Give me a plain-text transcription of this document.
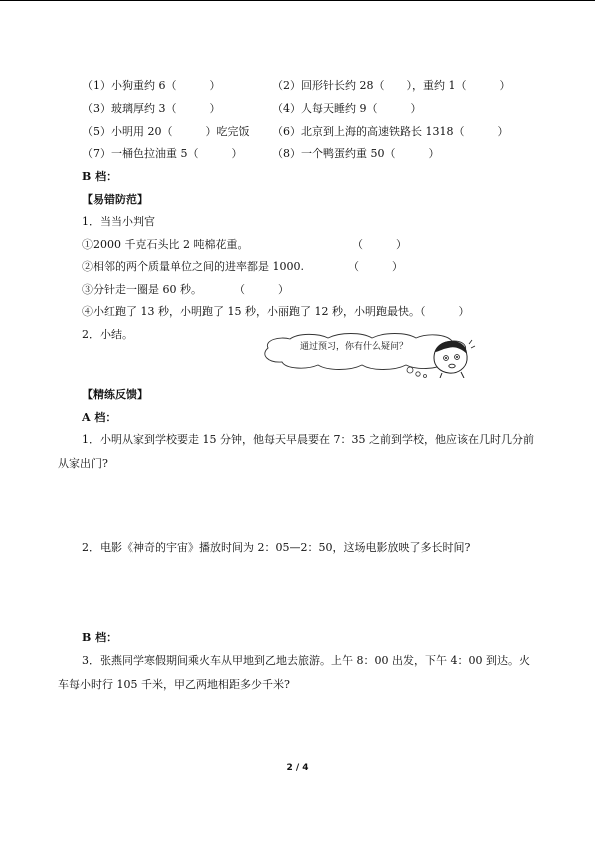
（1）小狗重约 6（　　　）	（2）回形针长约 28（　　），重约 1（　　　）
（3）玻璃厚约 3（　　　）	（4）人每天睡约 9（　　　）
（5）小明用 20（　　　）吃完饭 （6）北京到上海的高速铁路长 1318（　　　）
（7）一桶色拉油重 5（　　　）	（8）一个鸭蛋约重 50（　　　）
B 档：
【易错防范】
1．当当小判官
①2000 千克石头比 2 吨棉花重。	（　　　）
②相邻的两个质量单位之间的进率都是 1000.	（　　　）
③分针走一圈是 60 秒。	（　　　）
④小红跑了 13 秒，小明跑了 15 秒，小丽跑了 12 秒，小明跑最快。（　　　）
2．小结。
通过预习，你有什么疑问？
【精练反馈】
A 档：
1．小明从家到学校要走 15 分钟，他每天早晨要在 7：35 之前到学校，他应该在几时几分前从家出门?
2．电影《神奇的宇宙》播放时间为 2：05—2：50，这场电影放映了多长时间?
B 档：
3．张燕同学寒假期间乘火车从甲地到乙地去旅游。上午 8：00 出发，下午 4：00 到达。火车每小时行 105 千米，甲乙两地相距多少千米?
2 / 4
